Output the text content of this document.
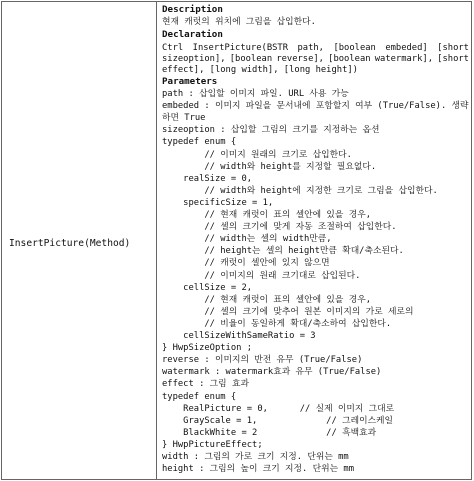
InsertPicture(Method)
Description
현재 캐럿의 위치에 그림을 삽입한다.
Declaration
Ctrl InsertPicture(BSTR path, [boolean embeded] [short
sizeoption], [boolean reverse], [boolean watermark], [short
effect], [long width], [long height])
Parameters
path : 삽입할 이미지 파일. URL 사용 가능
embeded : 이미지 파일을 문서내에 포함할지 여부 (True/False). 생략
하면 True
sizeoption : 삽입할 그림의 크기를 지정하는 옵션
typedef enum {
// 이미지 원래의 크기로 삽입한다.
// width와 height를 지정할 필요없다.
realSize = 0,
// width와 height에 지정한 크기로 그림을 삽입한다.
specificSize = 1,
// 현재 캐럿이 표의 셀안에 있을 경우,
// 셀의 크기에 맞게 자동 조절하여 삽입한다.
// width는 셀의 width만큼,
// height는 셀의 height만큼 확대/축소된다.
// 캐럿이 셀안에 있지 않으면
// 이미지의 원래 크기대로 삽입된다.
cellSize = 2,
// 현재 캐럿이 표의 셀안에 있을 경우,
// 셀의 크기에 맞추어 원본 이미지의 가로 세로의
// 비율이 동일하게 확대/축소하여 삽입한다.
cellSizeWithSameRatio = 3
} HwpSizeOption ;
reverse : 이미지의 반전 유무 (True/False)
watermark : watermark효과 유무 (True/False)
effect : 그림 효과
typedef enum {
RealPicture = 0,      // 실제 이미지 그대로
GrayScale = 1,             // 그레이스케일
BlackWhite = 2             // 흑백효과
} HwpPictureEffect;
width : 그림의 가로 크기 지정. 단위는 mm
height : 그림의 높이 크기 지정. 단위는 mm
